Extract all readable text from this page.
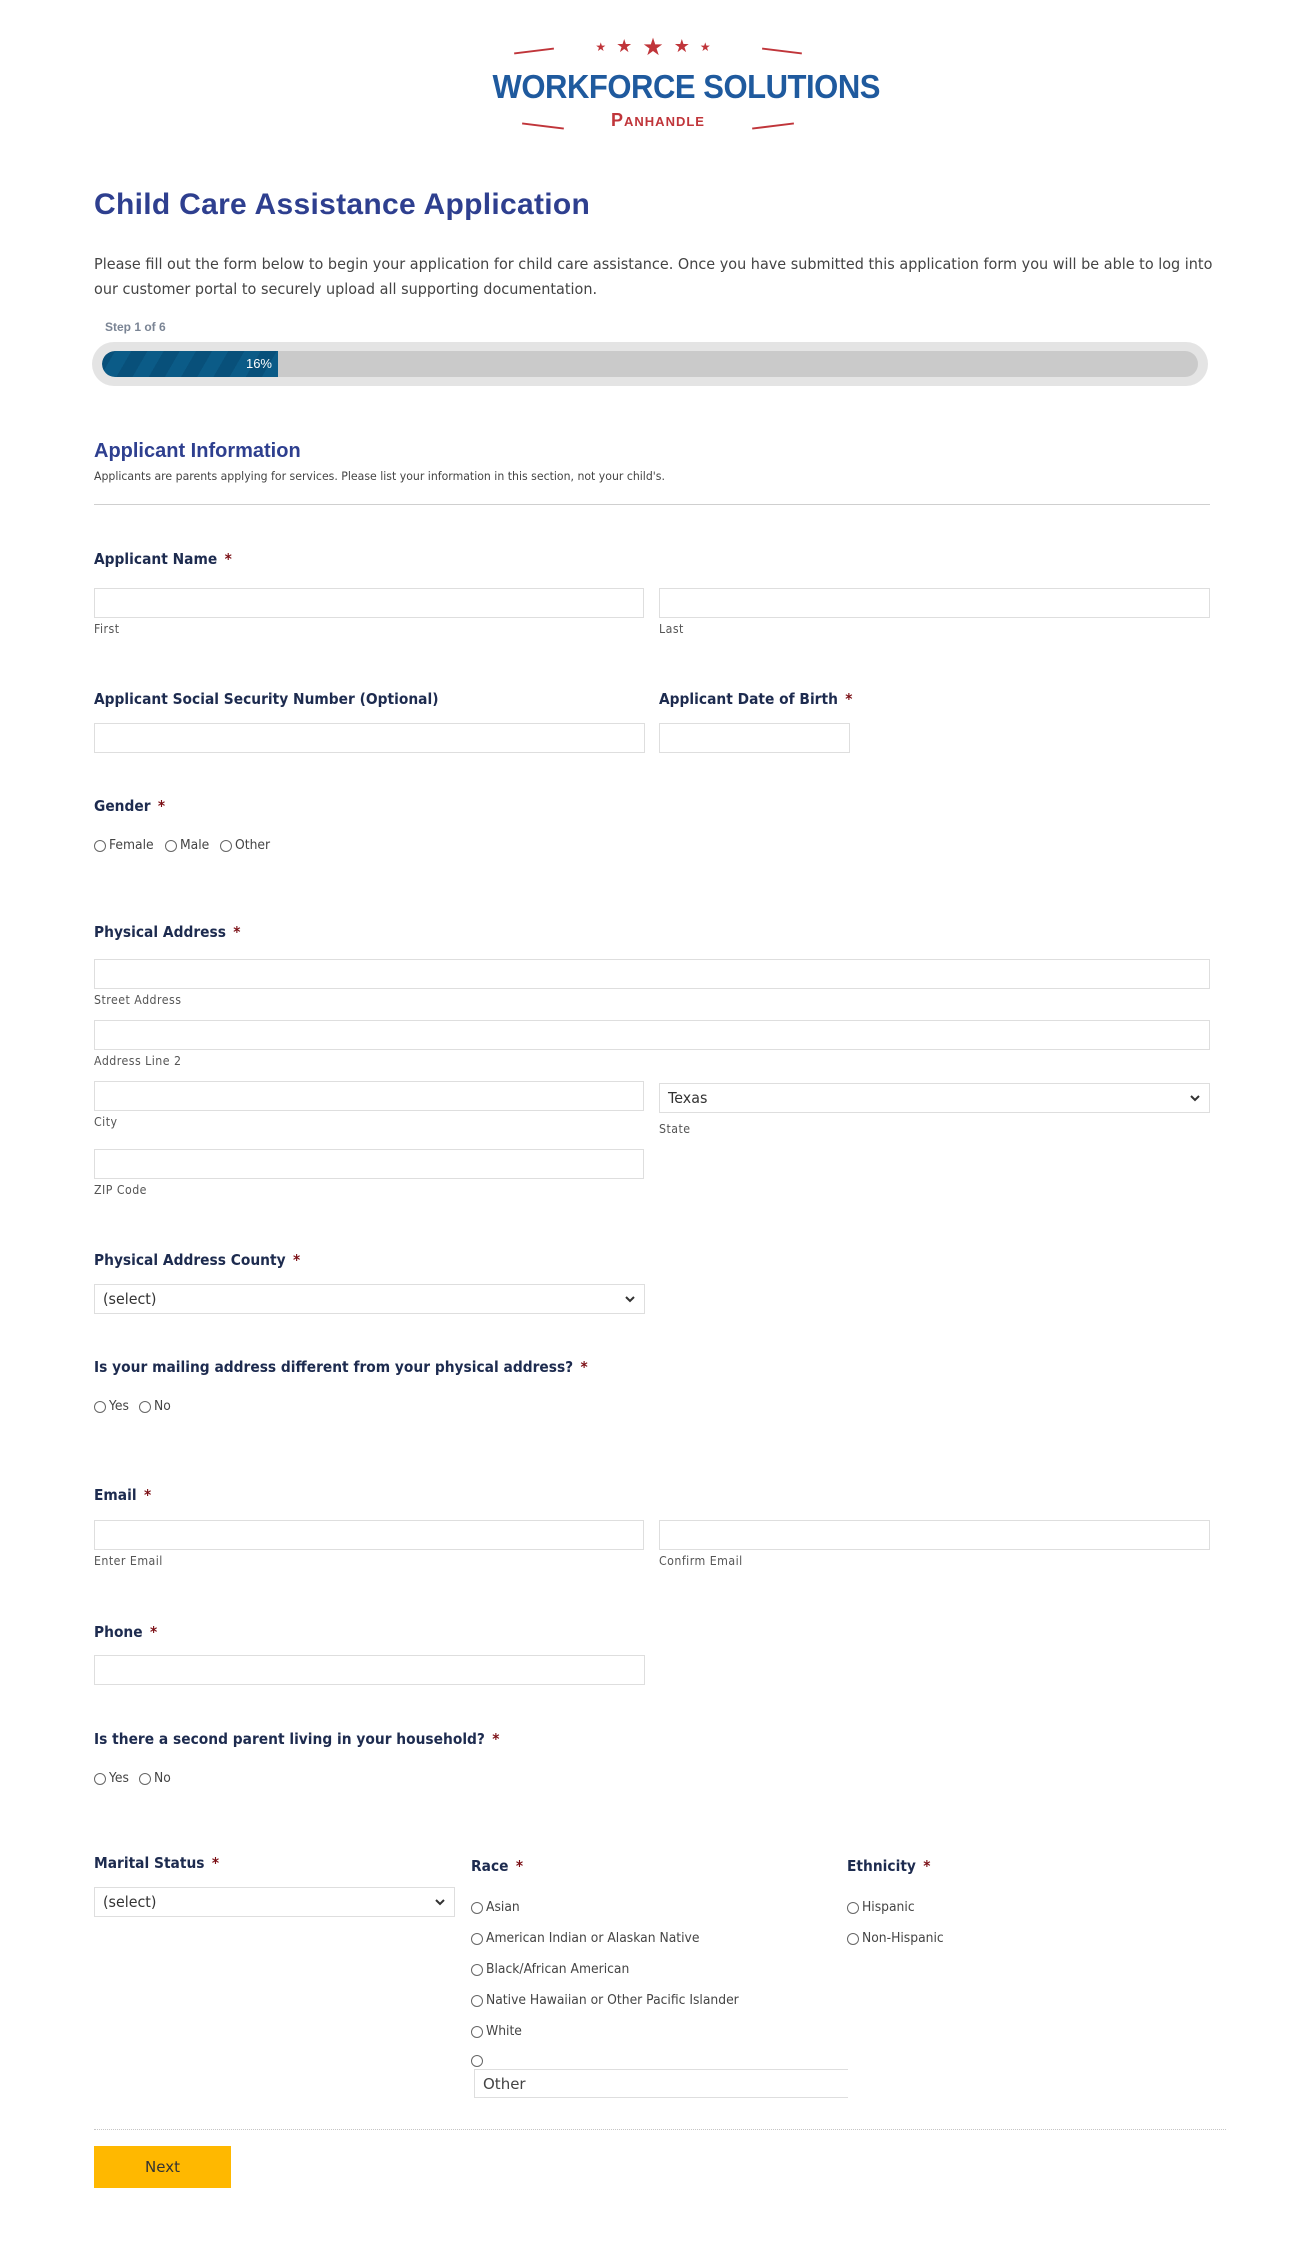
★★★★★
WORKFORCE SOLUTIONS
Panhandle
Child Care Assistance Application
Please fill out the form below to begin your application for child care assistance. Once you have submitted this application form you will be able to log into our customer portal to securely upload all supporting documentation.
Step 1 of 6
16%
Applicant Information
Applicants are parents applying for services. Please list your information in this section, not your child's.
Applicant Name *
First	Last
Applicant Social Security Number (Optional)	Applicant Date of Birth *
Gender *
Female Male Other
Physical Address *
Street Address
Address Line 2
City
Texas
State
ZIP Code
Physical Address County *
(select)
Is your mailing address different from your physical address? *
Yes No
Email *
Enter Email	Confirm Email
Phone *
Is there a second parent living in your household? *
Yes No
Marital Status *
(select)
Race *
Asian
American Indian or Alaskan Native
Black/African American
Native Hawaiian or Other Pacific Islander
White
Other
Ethnicity *
Hispanic
Non-Hispanic
Next
